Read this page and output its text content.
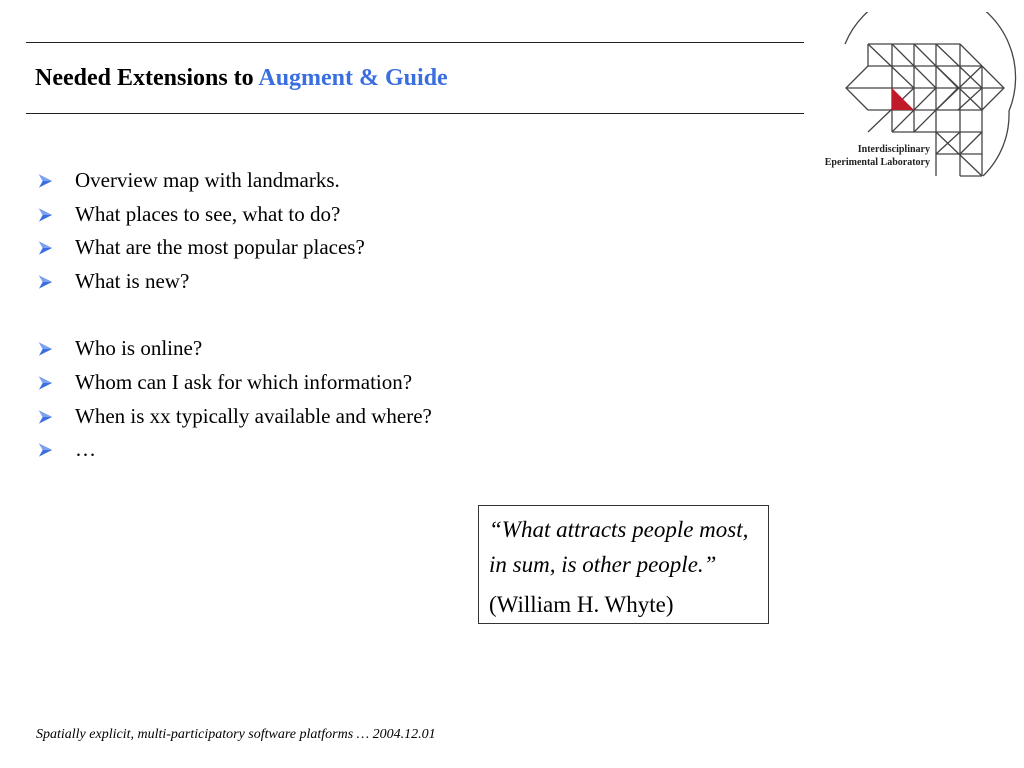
Needed Extensions to Augment & Guide
Overview map with landmarks.
What places to see, what to do?
What are the most popular places?
What is new?
Who is online?
Whom can I ask for which information?
When is xx typically available and where?
…
Interdisciplinary
Eperimental Laboratory

“What attracts people most,
in sum, is other people.”

(William H. Whyte)

Spatially explicit, multi-participatory software platforms … 2004.12.01
